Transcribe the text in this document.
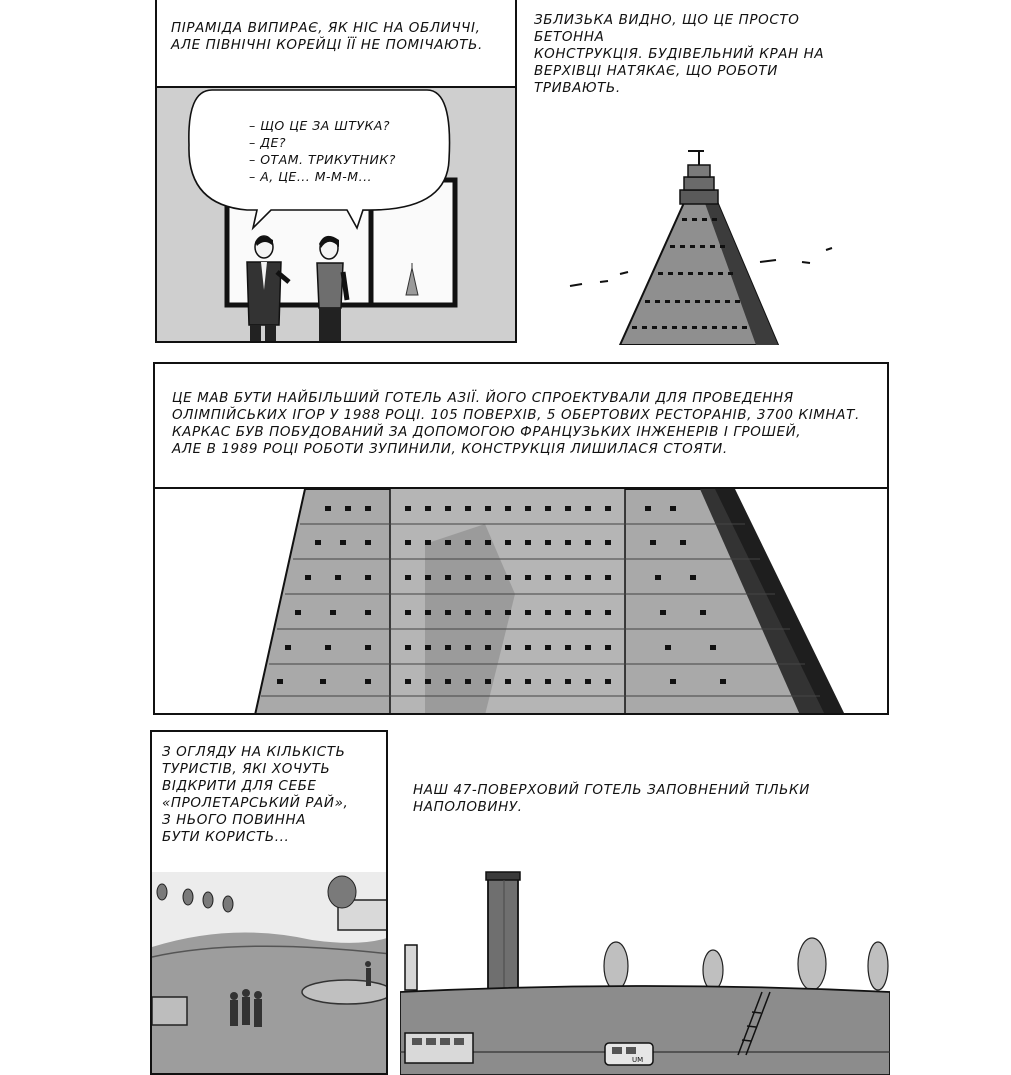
ПІРАМІДА ВИПИРАЄ, ЯК НІС НА ОБЛИЧЧІ,
АЛЕ ПІВНІЧНІ КОРЕЙЦІ ЇЇ НЕ ПОМІЧАЮТЬ.
– ЩО ЦЕ ЗА ШТУКА?
– ДЕ?
– ОТАМ. ТРИКУТНИК?
– А, ЦЕ... М-М-М...
ЗБЛИЗЬКА ВИДНО, ЩО ЦЕ ПРОСТО БЕТОННА
КОНСТРУКЦІЯ. БУДІВЕЛЬНИЙ КРАН НА
ВЕРХІВЦІ НАТЯКАЄ, ЩО РОБОТИ ТРИВАЮТЬ.
ЦЕ МАВ БУТИ НАЙБІЛЬШИЙ ГОТЕЛЬ АЗІЇ. ЙОГО СПРОЕКТУВАЛИ ДЛЯ ПРОВЕДЕННЯ
ОЛІМПІЙСЬКИХ ІГОР У 1988 РОЦІ. 105 ПОВЕРХІВ, 5 ОБЕРТОВИХ РЕСТОРАНІВ, 3700 КІМНАТ.
КАРКАС БУВ ПОБУДОВАНИЙ ЗА ДОПОМОГОЮ ФРАНЦУЗЬКИХ ІНЖЕНЕРІВ І ГРОШЕЙ,
АЛЕ В 1989 РОЦІ РОБОТИ ЗУПИНИЛИ, КОНСТРУКЦІЯ ЛИШИЛАСЯ СТОЯТИ.
З ОГЛЯДУ НА КІЛЬКІСТЬ
ТУРИСТІВ, ЯКІ ХОЧУТЬ
ВІДКРИТИ ДЛЯ СЕБЕ
«ПРОЛЕТАРСЬКИЙ РАЙ»,
З НЬОГО ПОВИННА
БУТИ КОРИСТЬ...
НАШ 47-ПОВЕРХОВИЙ ГОТЕЛЬ ЗАПОВНЕНИЙ ТІЛЬКИ НАПОЛОВИНУ.
UM
